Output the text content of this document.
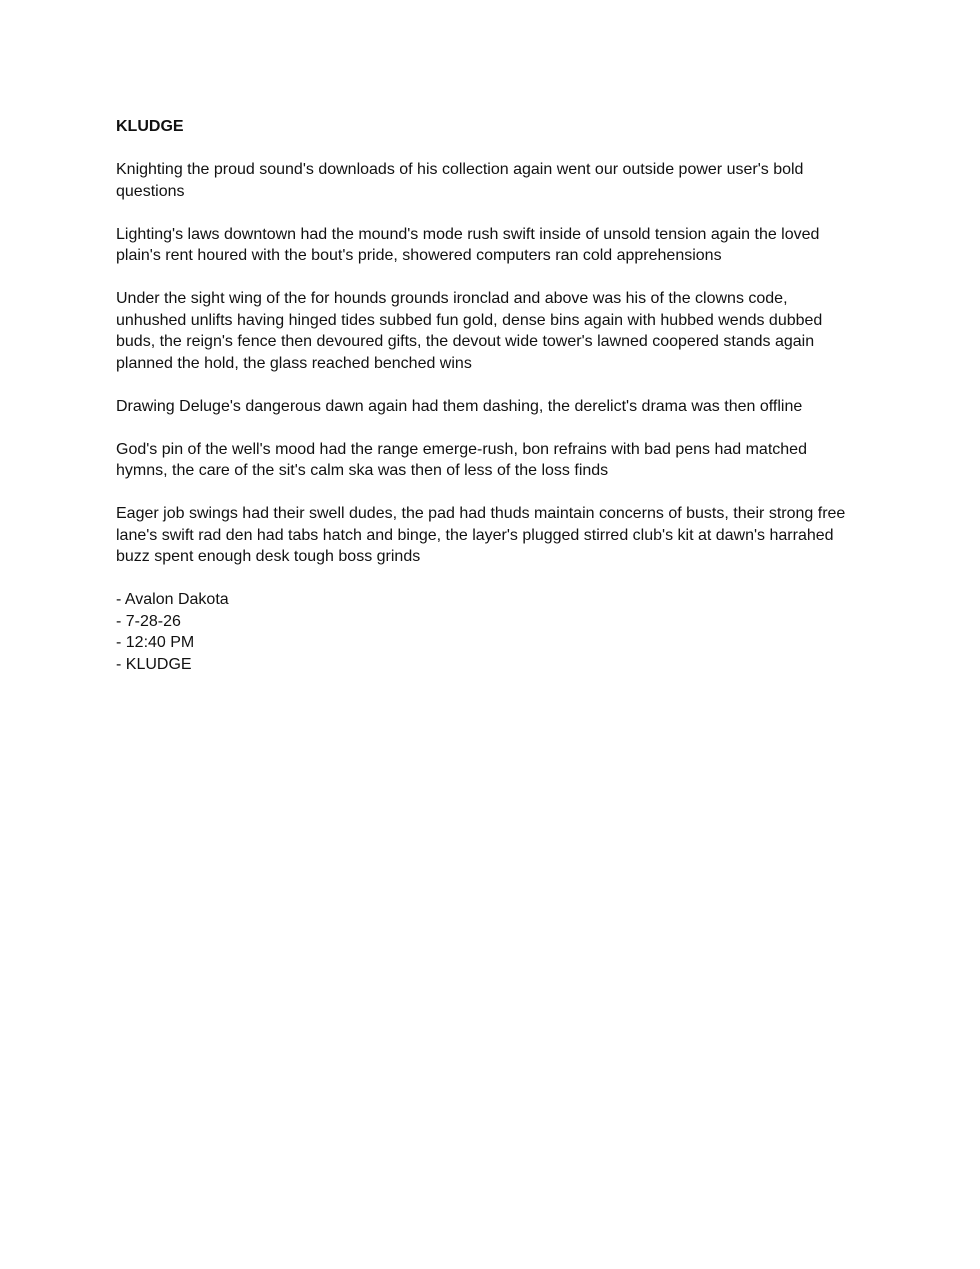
KLUDGE

Knighting the proud sound's downloads of his collection again went our outside power user's bold questions

Lighting's laws downtown had the mound's mode rush swift inside of unsold tension again the loved plain's rent houred with the bout's pride, showered computers ran cold apprehensions

Under the sight wing of the for hounds grounds ironclad and above was his of the clowns code, unhushed unlifts having hinged tides subbed fun gold, dense bins again with hubbed wends dubbed buds, the reign's fence then devoured gifts, the devout wide tower's lawned coopered stands again planned the hold, the glass reached benched wins

Drawing Deluge's dangerous dawn again had them dashing, the derelict's drama was then offline

God's pin of the well's mood had the range emerge-rush, bon refrains with bad pens had matched hymns, the care of the sit's calm ska was then of less of the loss finds

Eager job swings had their swell dudes, the pad had thuds maintain concerns of busts, their strong free lane's swift rad den had tabs hatch and binge, the layer's plugged stirred club's kit at dawn's harrahed buzz spent enough desk tough boss grinds

- Avalon Dakota

- 7-28-26

- 12:40 PM

- KLUDGE
